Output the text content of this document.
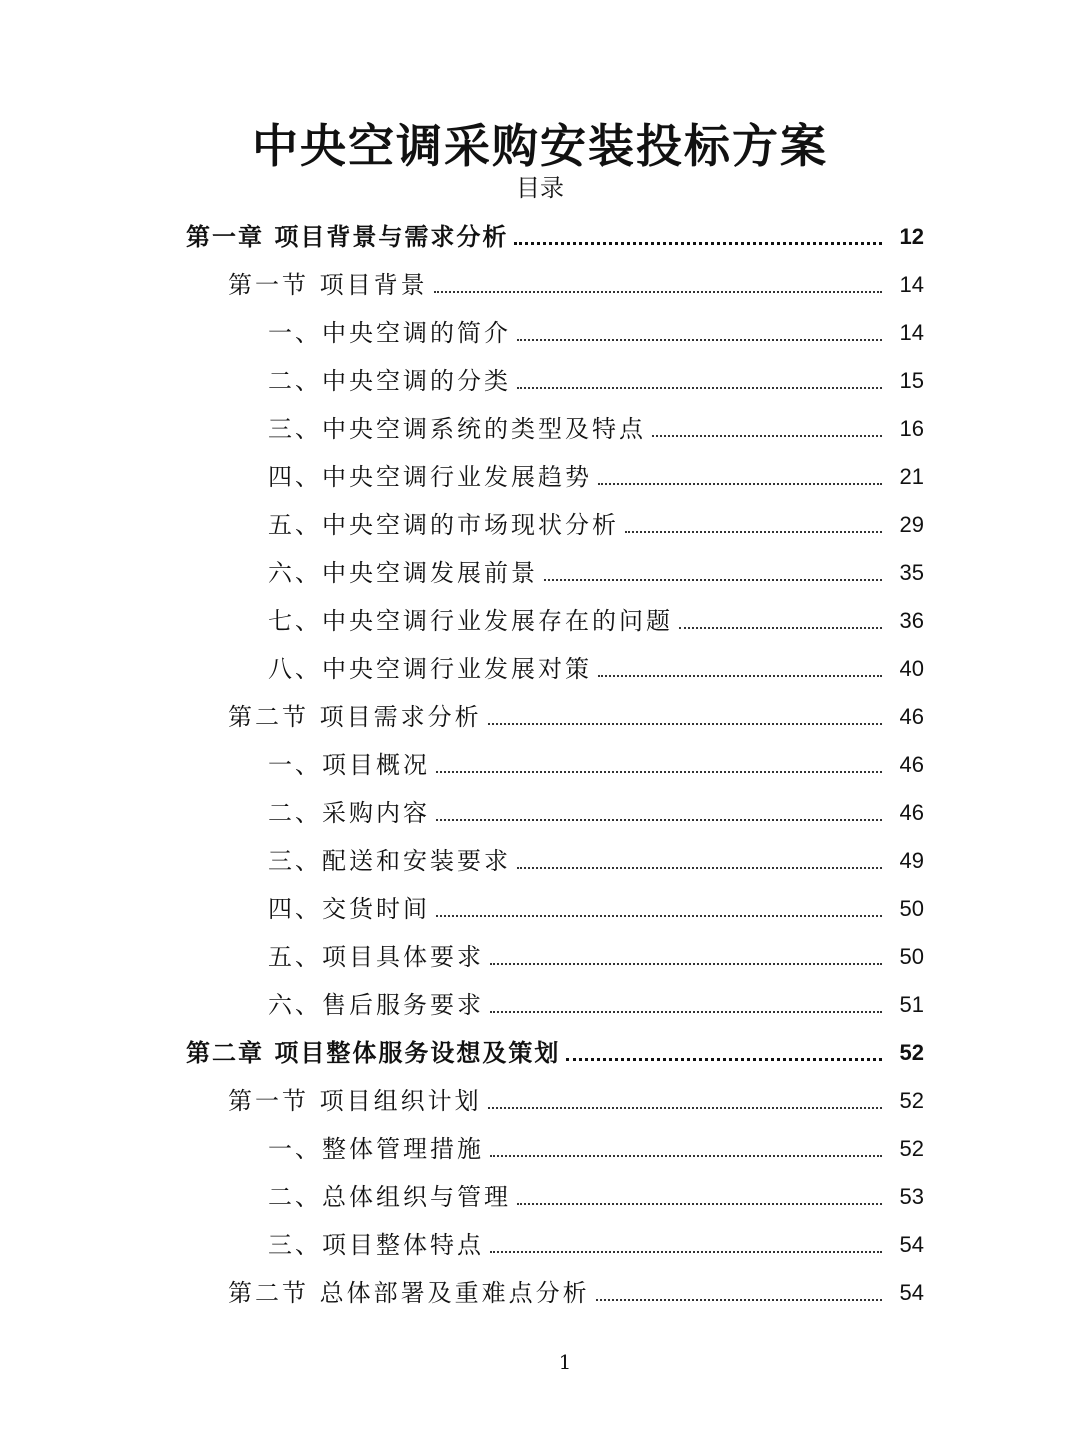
中央空调采购安装投标方案
目录
第一章 项目背景与需求分析	12
第一节 项目背景	14
一、中央空调的简介	14
二、中央空调的分类	15
三、中央空调系统的类型及特点	16
四、中央空调行业发展趋势	21
五、中央空调的市场现状分析	29
六、中央空调发展前景	35
七、中央空调行业发展存在的问题	36
八、中央空调行业发展对策	40
第二节 项目需求分析	46
一、项目概况	46
二、采购内容	46
三、配送和安装要求	49
四、交货时间	50
五、项目具体要求	50
六、售后服务要求	51
第二章 项目整体服务设想及策划	52
第一节 项目组织计划	52
一、整体管理措施	52
二、总体组织与管理	53
三、项目整体特点	54
第二节 总体部署及重难点分析	54
1
